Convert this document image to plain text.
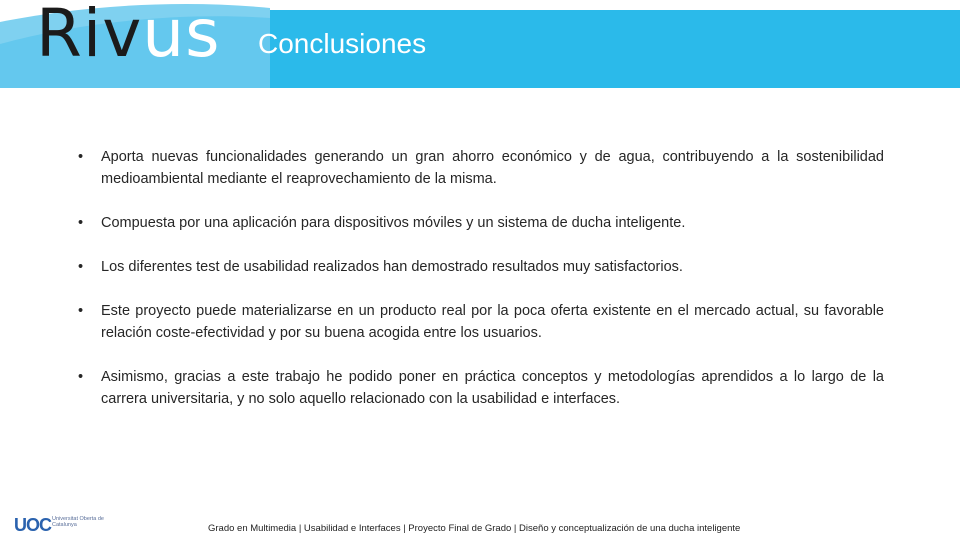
Rivus Conclusiones
• Aporta nuevas funcionalidades generando un gran ahorro económico y de agua, contribuyendo a la sostenibilidad medioambiental mediante el reaprovechamiento de la misma.
• Compuesta por una aplicación para dispositivos móviles y un sistema de ducha inteligente.
• Los diferentes test de usabilidad realizados han demostrado resultados muy satisfactorios.
• Este proyecto puede materializarse en un producto real por la poca oferta existente en el mercado actual, su favorable relación coste-efectividad y por su buena acogida entre los usuarios.
• Asimismo, gracias a este trabajo he podido poner en práctica conceptos y metodologías aprendidos a lo largo de la carrera universitaria, y no solo aquello relacionado con la usabilidad e interfaces.
UOC Universitat Oberta de Catalunya	Grado en Multimedia | Usabilidad e Interfaces | Proyecto Final de Grado | Diseño y conceptualización de una ducha inteligente
